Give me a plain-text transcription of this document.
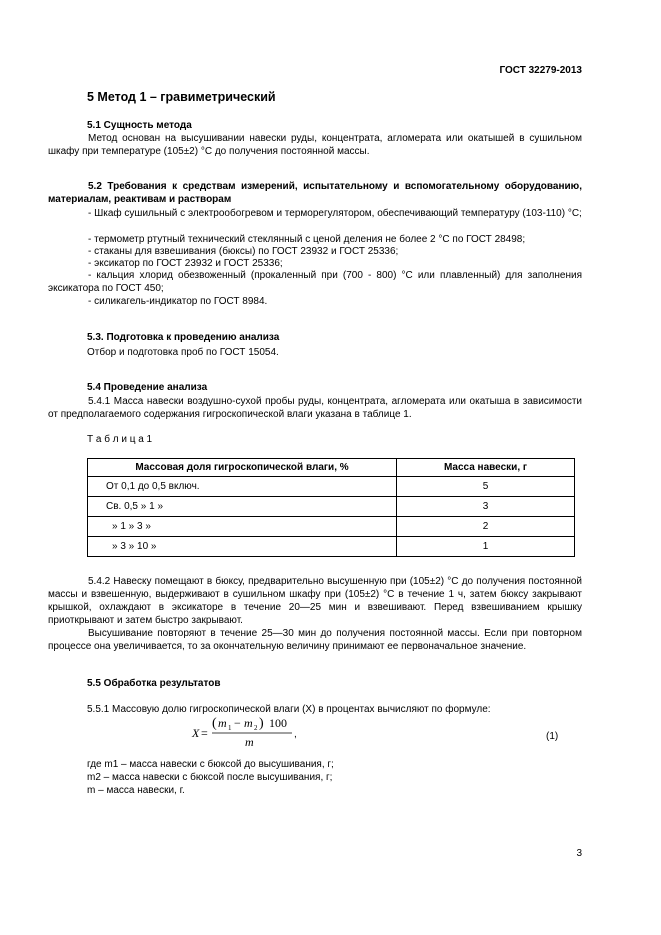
ГОСТ 32279-2013
5 Метод 1 – гравиметрический
5.1 Сущность метода
Метод основан на высушивании навески руды, концентрата, агломерата или окатышей в сушильном шкафу при температуре (105±2) °С до получения постоянной массы.
5.2 Требования к средствам измерений, испытательному и вспомогательному оборудованию, материалам, реактивам и растворам
- Шкаф сушильный с электрообогревом и терморегулятором, обеспечивающий температуру (103-110) °С;
- термометр ртутный технический стеклянный с ценой деления не более 2 °С по ГОСТ 28498;
- стаканы для взвешивания (бюксы) по ГОСТ 23932 и ГОСТ 25336;
- эксикатор по ГОСТ 23932 и ГОСТ 25336;
- кальция хлорид обезвоженный (прокаленный при (700 - 800) °С или плавленный) для заполнения эксикатора по ГОСТ 450;
- силикагель-индикатор по ГОСТ 8984.
5.3. Подготовка к проведению анализа
Отбор и подготовка проб по ГОСТ 15054.
5.4 Проведение анализа
5.4.1 Масса навески воздушно-сухой пробы руды, концентрата, агломерата или окатыша в зависимости от предполагаемого содержания гигроскопической влаги указана в таблице 1.
Т а б л и ц а 1
Массовая доля гигроскопической влаги, %	Масса навески, г
От 0,1 до 0,5 включ.	5
Св. 0,5 » 1 »	3
» 1 » 3 »	2
» 3 » 10 »	1
5.4.2 Навеску помещают в бюксу, предварительно высушенную при (105±2) °С до получения постоянной массы и взвешенную, выдерживают в сушильном шкафу при (105±2) °С в течение 1 ч, затем бюксу закрывают крышкой, охлаждают в эксикаторе в течение 20—25 мин и взвешивают. Перед взвешиванием крышку приоткрывают и затем быстро закрывают.
Высушивание повторяют в течение 25—30 мин до получения постоянной массы. Если при повторном процессе она увеличивается, то за окончательную величину принимают ее первоначальное значение.
5.5 Обработка результатов
5.5.1 Массовую долю гигроскопической влаги (X) в процентах вычисляют по формуле:
X =
( m 1 − m 2 ) 100
m
,	(1)
где m1 – масса навески с бюксой до высушивания, г;
m2 – масса навески с бюксой после высушивания, г;
m – масса навески, г.
3
